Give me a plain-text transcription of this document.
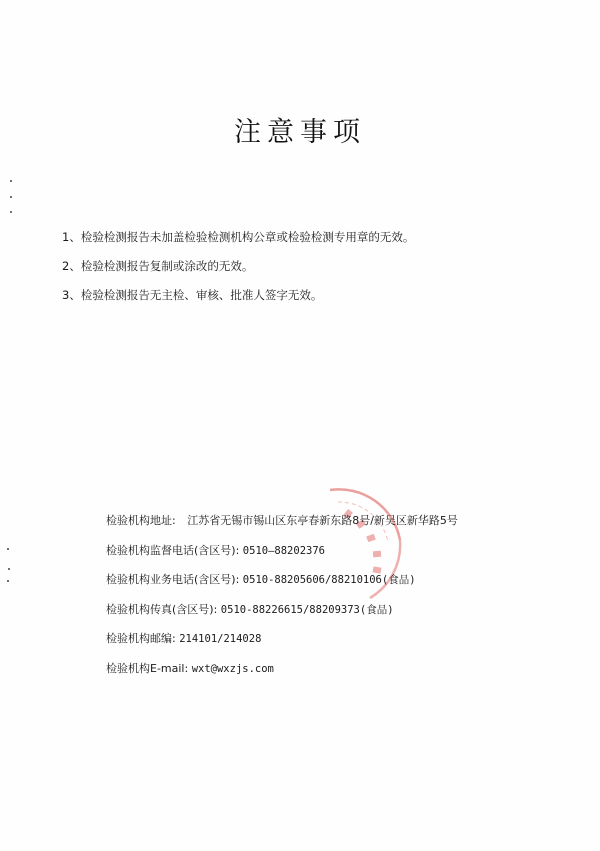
注意事项
1、检验检测报告未加盖检验检测机构公章或检验检测专用章的无效。
2、检验检测报告复制或涂改的无效。
3、检验检测报告无主检、审核、批准人签字无效。
检验机构地址: 江苏省无锡市锡山区东亭春新东路8号/新吴区新华路5号
检验机构监督电话(含区号): 0510—88202376
检验机构业务电话(含区号): 0510-88205606/88210106(食品)
检验机构传真(含区号): 0510-88226615/88209373(食品)
检验机构邮编: 214101/214028
检验机构E-mail: wxt@wxzjs.com
